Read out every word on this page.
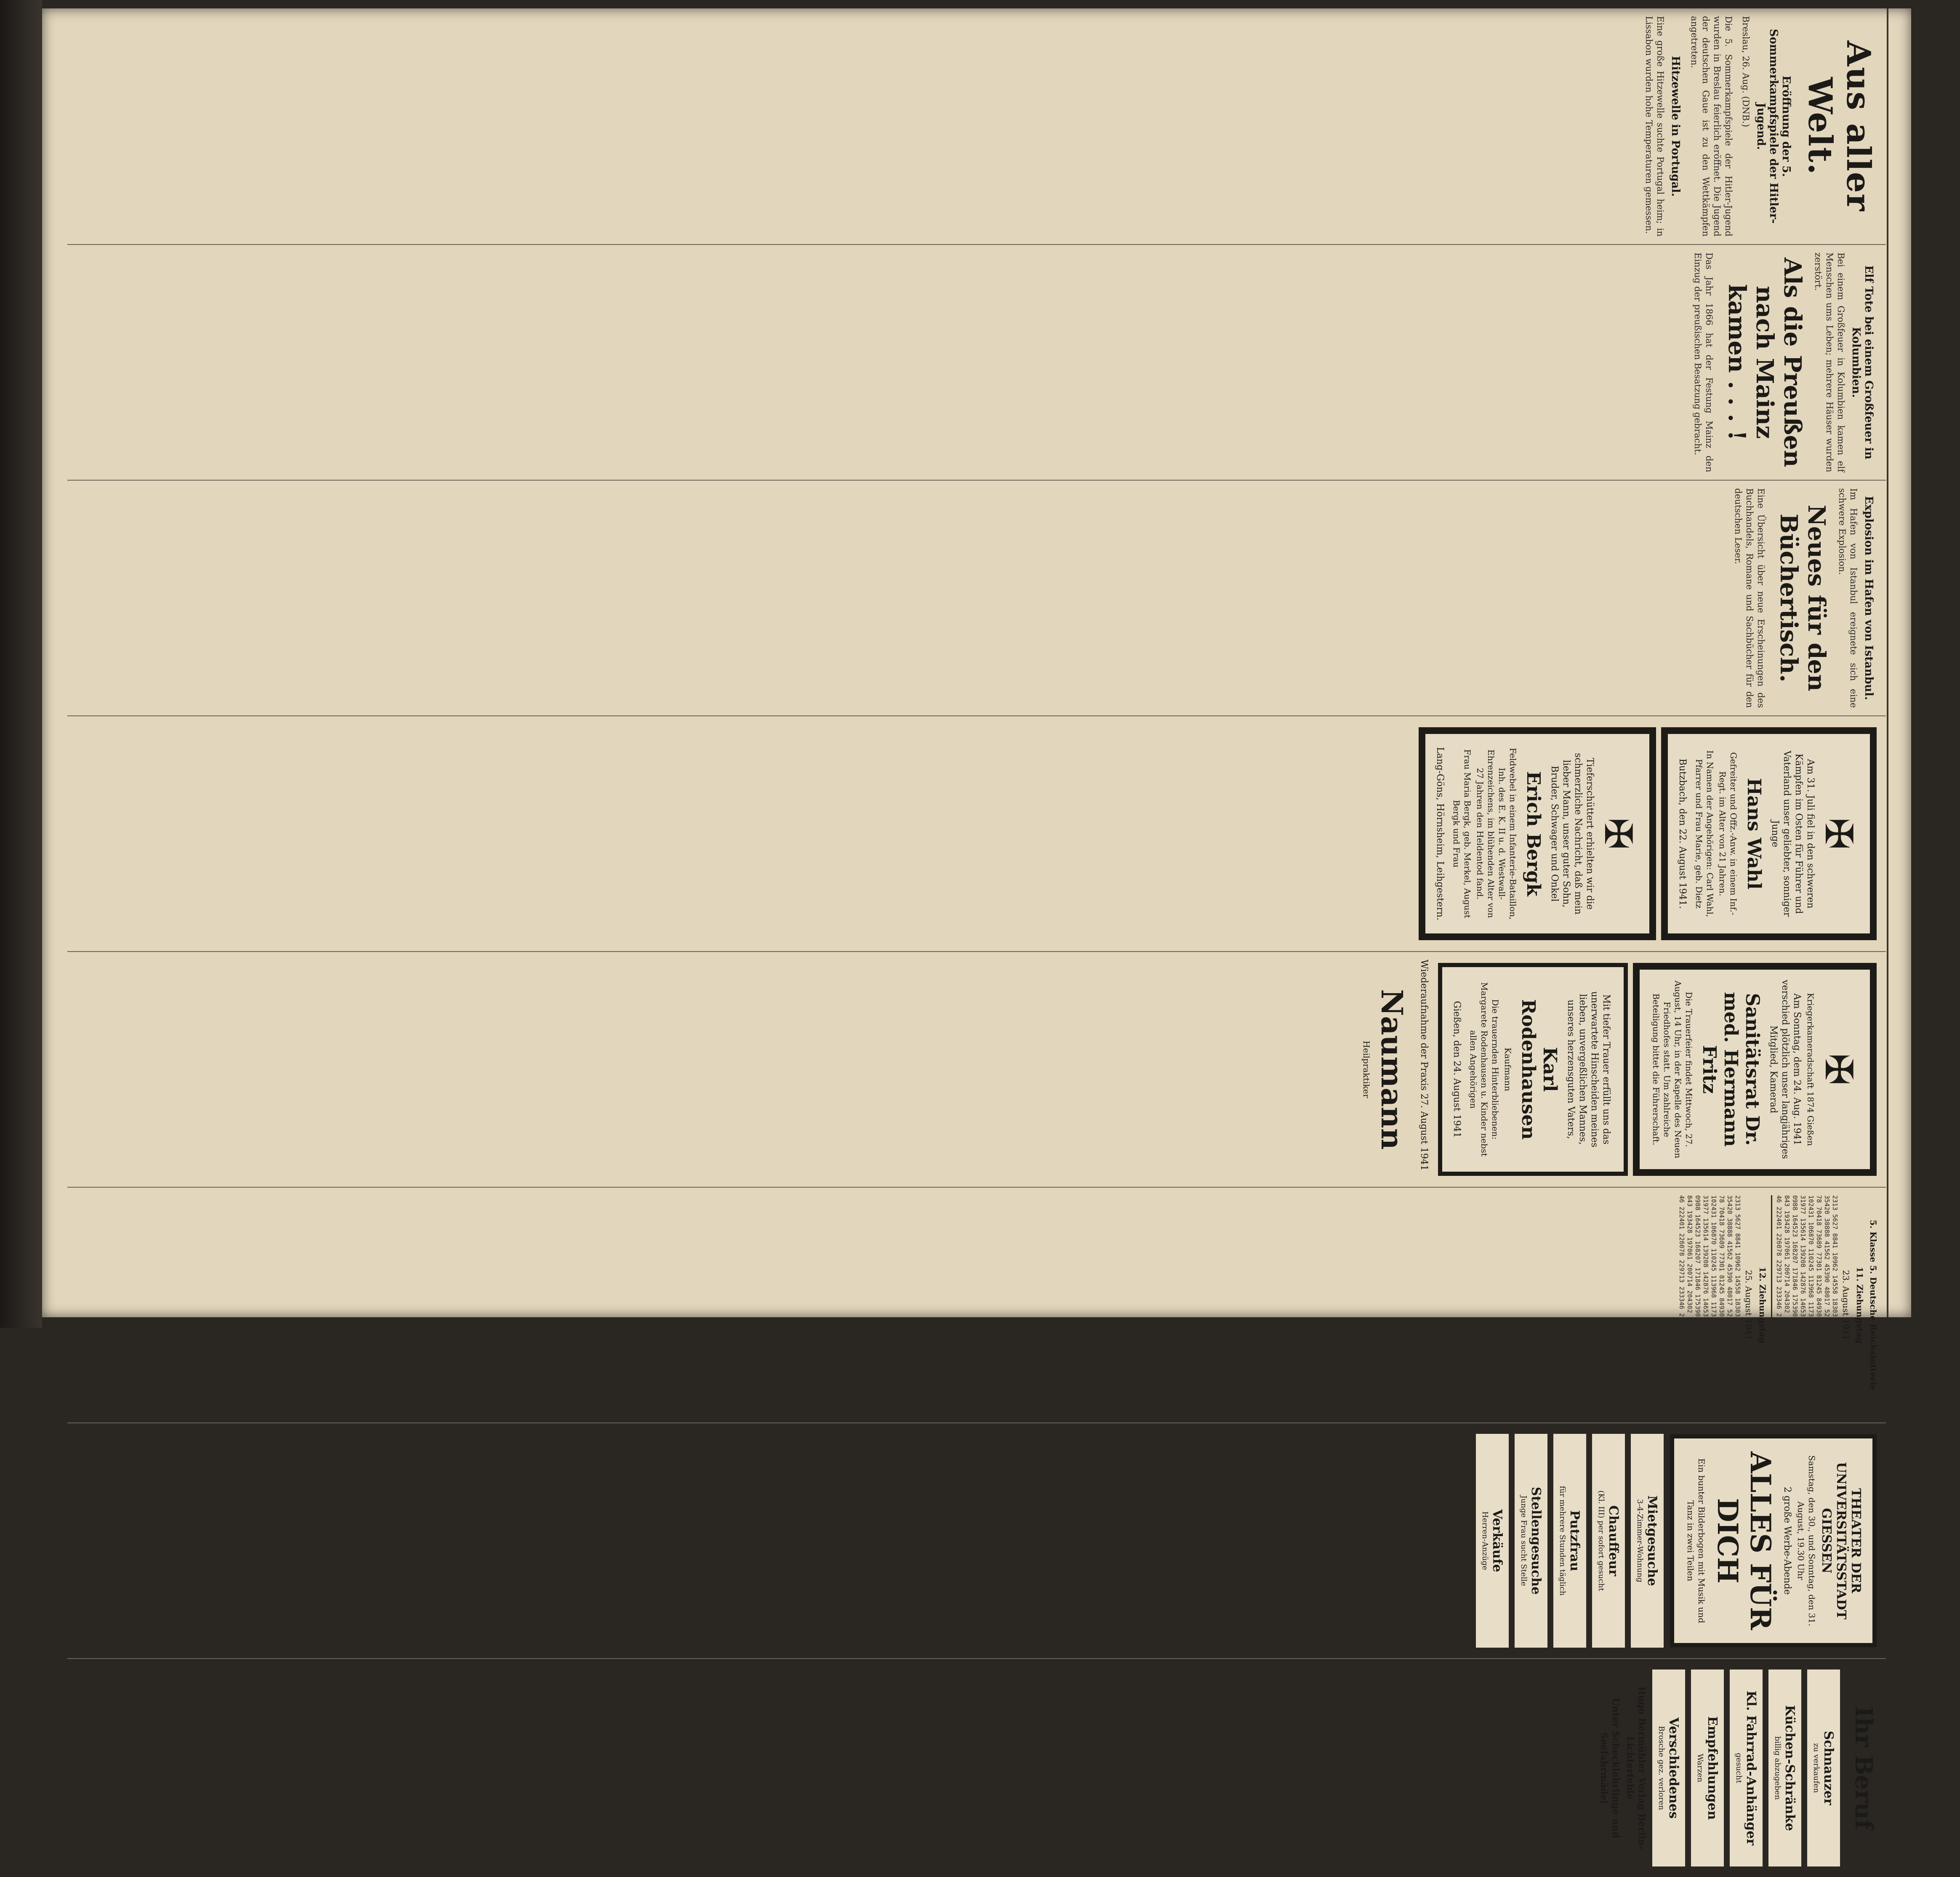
Aus aller Welt.
Eröffnung der 5. Sommerkampfspiele der Hitler-Jugend.

Breslau, 26. Aug. (DNB.)

Die 5. Sommerkampfspiele der Hitler-Jugend wurden in Breslau feierlich eröffnet. Die Jugend der deutschen Gaue ist zu den Wettkämpfen angetreten.

Hitzewelle in Portugal.

Eine große Hitzewelle suchte Portugal heim; in Lissabon wurden hohe Temperaturen gemessen.

Elf Tote bei einem Großfeuer in Kolumbien.

Bei einem Großfeuer in Kolumbien kamen elf Menschen ums Leben; mehrere Häuser wurden zerstört.

Als die Preußen nach Mainz kamen . . . !

Das Jahr 1866 hat der Festung Mainz den Einzug der preußischen Besatzung gebracht.

Explosion im Hafen von Istanbul.

Im Hafen von Istanbul ereignete sich eine schwere Explosion.

Neues für den Büchertisch.

Eine Übersicht über neue Erscheinungen des Buchhandels, Romane und Sachbücher für den deutschen Leser.

✠
Am 31. Juli fiel in den schweren Kämpfen im Osten für Führer und Vaterland unser geliebter, sonniger Junge
Hans Wahl
Gefreiter und Offz.-Anw. in einem Inf.-Regt. im Alter von 21 Jahren.
In Namen der Angehörigen: Carl Wahl, Pfarrer und Frau Marie, geb. Dietz
Butzbach, den 22. August 1941.
✠
Tieferschüttert erhielten wir die schmerzliche Nachricht, daß mein lieber Mann, unser guter Sohn, Bruder, Schwager und Onkel
Erich Bergk
Feldwebel in einem Infanterie-Bataillon, Inh. des E. K. II u. d. Westwall-Ehrenzeichens, im blühenden Alter von 27 Jahren den Heldentod fand.
Frau Maria Bergk, geb. Merkel, August Bergk und Frau
Lang-Göns, Hörnsheim, Leihgestern.
✠
Kriegerkameradschaft 1874 Gießen
Am Sonntag, dem 24. Aug. 1941 verschied plötzlich unser langjähriges Mitglied, Kamerad
Sanitätsrat Dr. med. Hermann Fritz
Die Trauerfeier findet Mittwoch, 27. August, 14 Uhr, in der Kapelle des Neuen Friedhofes statt. Um zahlreiche Beteiligung bittet die Führerschaft.
Mit tiefer Trauer erfüllt uns das unerwartete Hinscheiden meines lieben, unvergeßlichen Mannes, unseres herzensguten Vaters,
Karl Rodenhausen
Kaufmann
Die trauernden Hinterbliebenen: Margarete Rodenhausen u. Kinder nebst allen Angehörigen
Gießen, den 24. August 1941
Wiederaufnahme der Praxis 27. August 1941
Naumann
Heilpraktiker
5. Klasse 5. Deutsche Reichslotterie
11. Ziehungstag
23. August 1941
2313 5627 8841 10962 14558 18303 21227 24889 28615 31057 35420 38888 41562 45390 48017 52963 56420 59903 62214 66378 70418 73689 77301 81245 84930 88012 91537 95208 98762 102431 106870 110245 113968 117330 121045 124780 128306 131977 135614 139208 142876 146531 150092 153748 157315 160988 164523 168207 171846 175390 179024 182667 186215 189843 193428 197061 200714 204302 207988 211543 215190 218846 222401 226078 229713 233346 236982
12. Ziehungstag
25. August 1941
2313 5627 8841 10962 14558 18303 21227 24889 28615 31057 35420 38888 41562 45390 48017 52963 56420 59903 62214 66378 70418 73689 77301 81245 84930 88012 91537 95208 98762 102431 106870 110245 113968 117330 121045 124780 128306 131977 135614 139208 142876 146531 150092 153748 157315 160988 164523 168207 171846 175390 179024 182667 186215 189843 193428 197061 200714 204302 207988 211543 215190 218846 222401 226078 229713 233346 236982
THEATER DER UNIVERSITÄTSSTADT GIESSEN
Samstag, den 30., und Sonntag, den 31. August, 19.30 Uhr
2 große Werbe-Abende
ALLES FÜR DICH
Ein bunter Bilderbogen mit Musik und Tanz in zwei Teilen
Mietgesuche
3-4-Zimmer-Wohnung
Chauffeur
(Kl. III) per sofort gesucht
Putzfrau
für mehrere Stunden täglich
Stellengesuche
Junge Frau sucht Stelle
Verkäufe
Herren-Anzüge
Ihr Beruf
Schnauzer
zu verkaufen
Küchen-Schränke
billig abzugeben
Kl. Fahrrad-Anhänger
gesucht
Empfehlungen
Warzen
Verschiedenes
Brosche gez. verloren
Hugo Bermühler Verlag Berlin-Lichterfelde
Unter Schecklehrlinge und Seefahrmädel
